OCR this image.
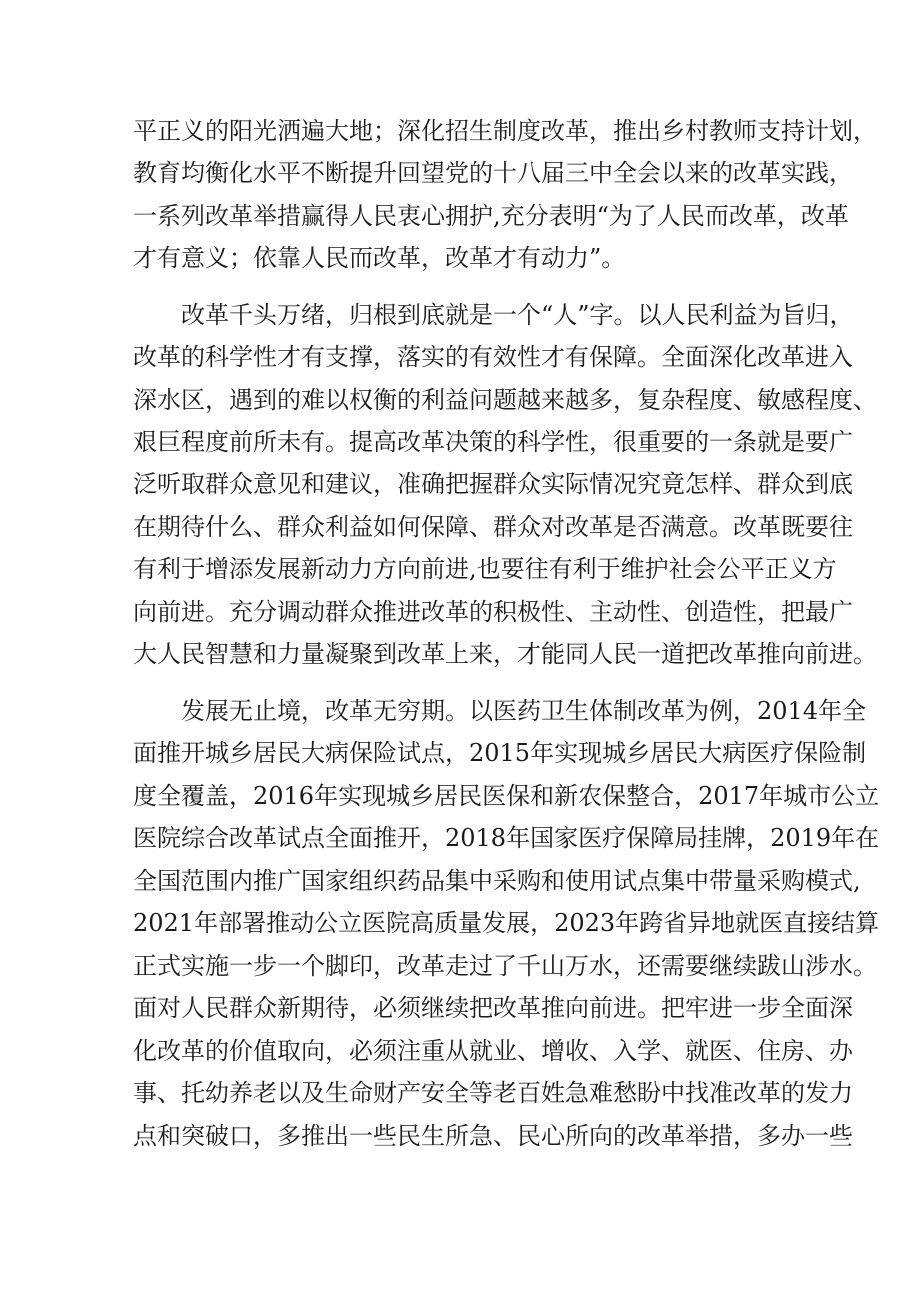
平正义的阳光洒遍大地；深化招生制度改革，推出乡村教师支持计划，
教育均衡化水平不断提升回望党的十八届三中全会以来的改革实践，
一系列改革举措赢得人民衷心拥护,充分表明“为了人民而改革，改革
才有意义；依靠人民而改革，改革才有动力”。
改革千头万绪，归根到底就是一个“人”字。以人民利益为旨归，
改革的科学性才有支撑，落实的有效性才有保障。全面深化改革进入
深水区，遇到的难以权衡的利益问题越来越多，复杂程度、敏感程度、
艰巨程度前所未有。提高改革决策的科学性，很重要的一条就是要广
泛听取群众意见和建议，准确把握群众实际情况究竟怎样、群众到底
在期待什么、群众利益如何保障、群众对改革是否满意。改革既要往
有利于增添发展新动力方向前进,也要往有利于维护社会公平正义方
向前进。充分调动群众推进改革的积极性、主动性、创造性，把最广
大人民智慧和力量凝聚到改革上来，才能同人民一道把改革推向前进。
发展无止境，改革无穷期。以医药卫生体制改革为例，2014年全
面推开城乡居民大病保险试点，2015年实现城乡居民大病医疗保险制
度全覆盖，2016年实现城乡居民医保和新农保整合，2017年城市公立
医院综合改革试点全面推开，2018年国家医疗保障局挂牌，2019年在
全国范围内推广国家组织药品集中采购和使用试点集中带量采购模式,
2021年部署推动公立医院高质量发展，2023年跨省异地就医直接结算
正式实施一步一个脚印，改革走过了千山万水，还需要继续跋山涉水。
面对人民群众新期待，必须继续把改革推向前进。把牢进一步全面深
化改革的价值取向，必须注重从就业、增收、入学、就医、住房、办
事、托幼养老以及生命财产安全等老百姓急难愁盼中找准改革的发力
点和突破口，多推出一些民生所急、民心所向的改革举措，多办一些
